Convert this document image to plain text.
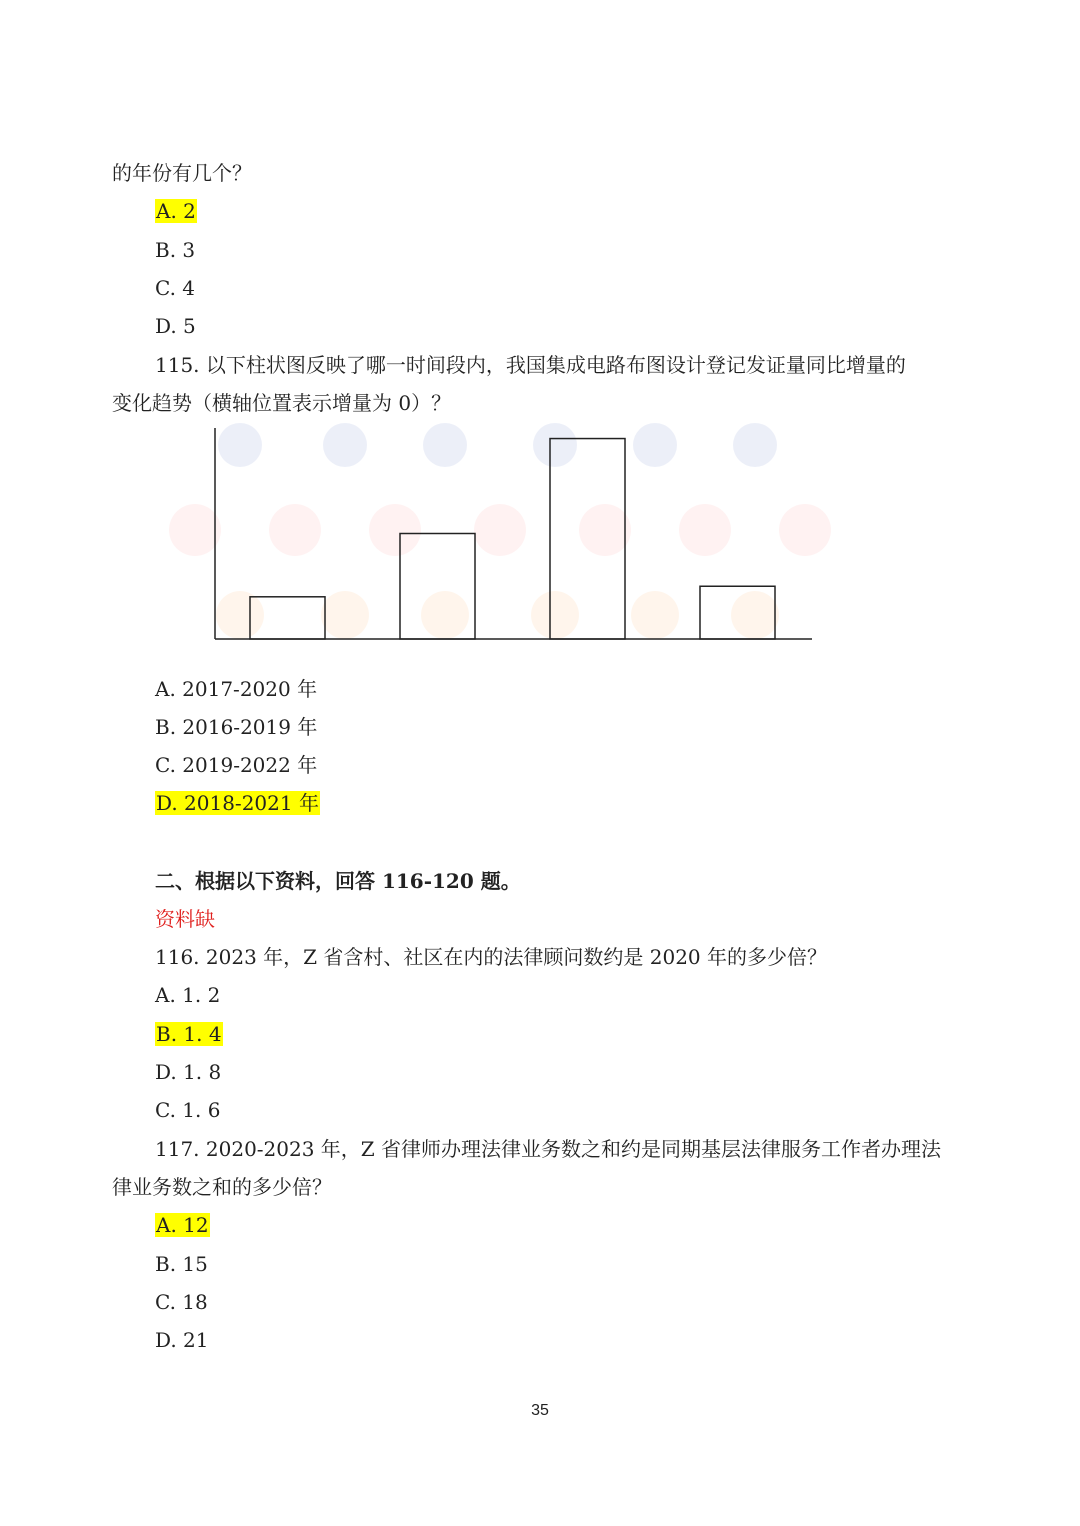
的年份有几个？
A. 2
B. 3
C. 4
D. 5
115. 以下柱状图反映了哪一时间段内，我国集成电路布图设计登记发证量同比增量的
变化趋势（横轴位置表示增量为 0）？
A. 2017-2020 年
B. 2016-2019 年
C. 2019-2022 年
D. 2018-2021 年
二、根据以下资料，回答 116-120 题。
资料缺
116. 2023 年，Z 省含村、社区在内的法律顾问数约是 2020 年的多少倍？
A. 1. 2
B. 1. 4
D. 1. 8
C. 1. 6
117. 2020-2023 年，Z 省律师办理法律业务数之和约是同期基层法律服务工作者办理法
律业务数之和的多少倍？
A. 12
B. 15
C. 18
D. 21
35
